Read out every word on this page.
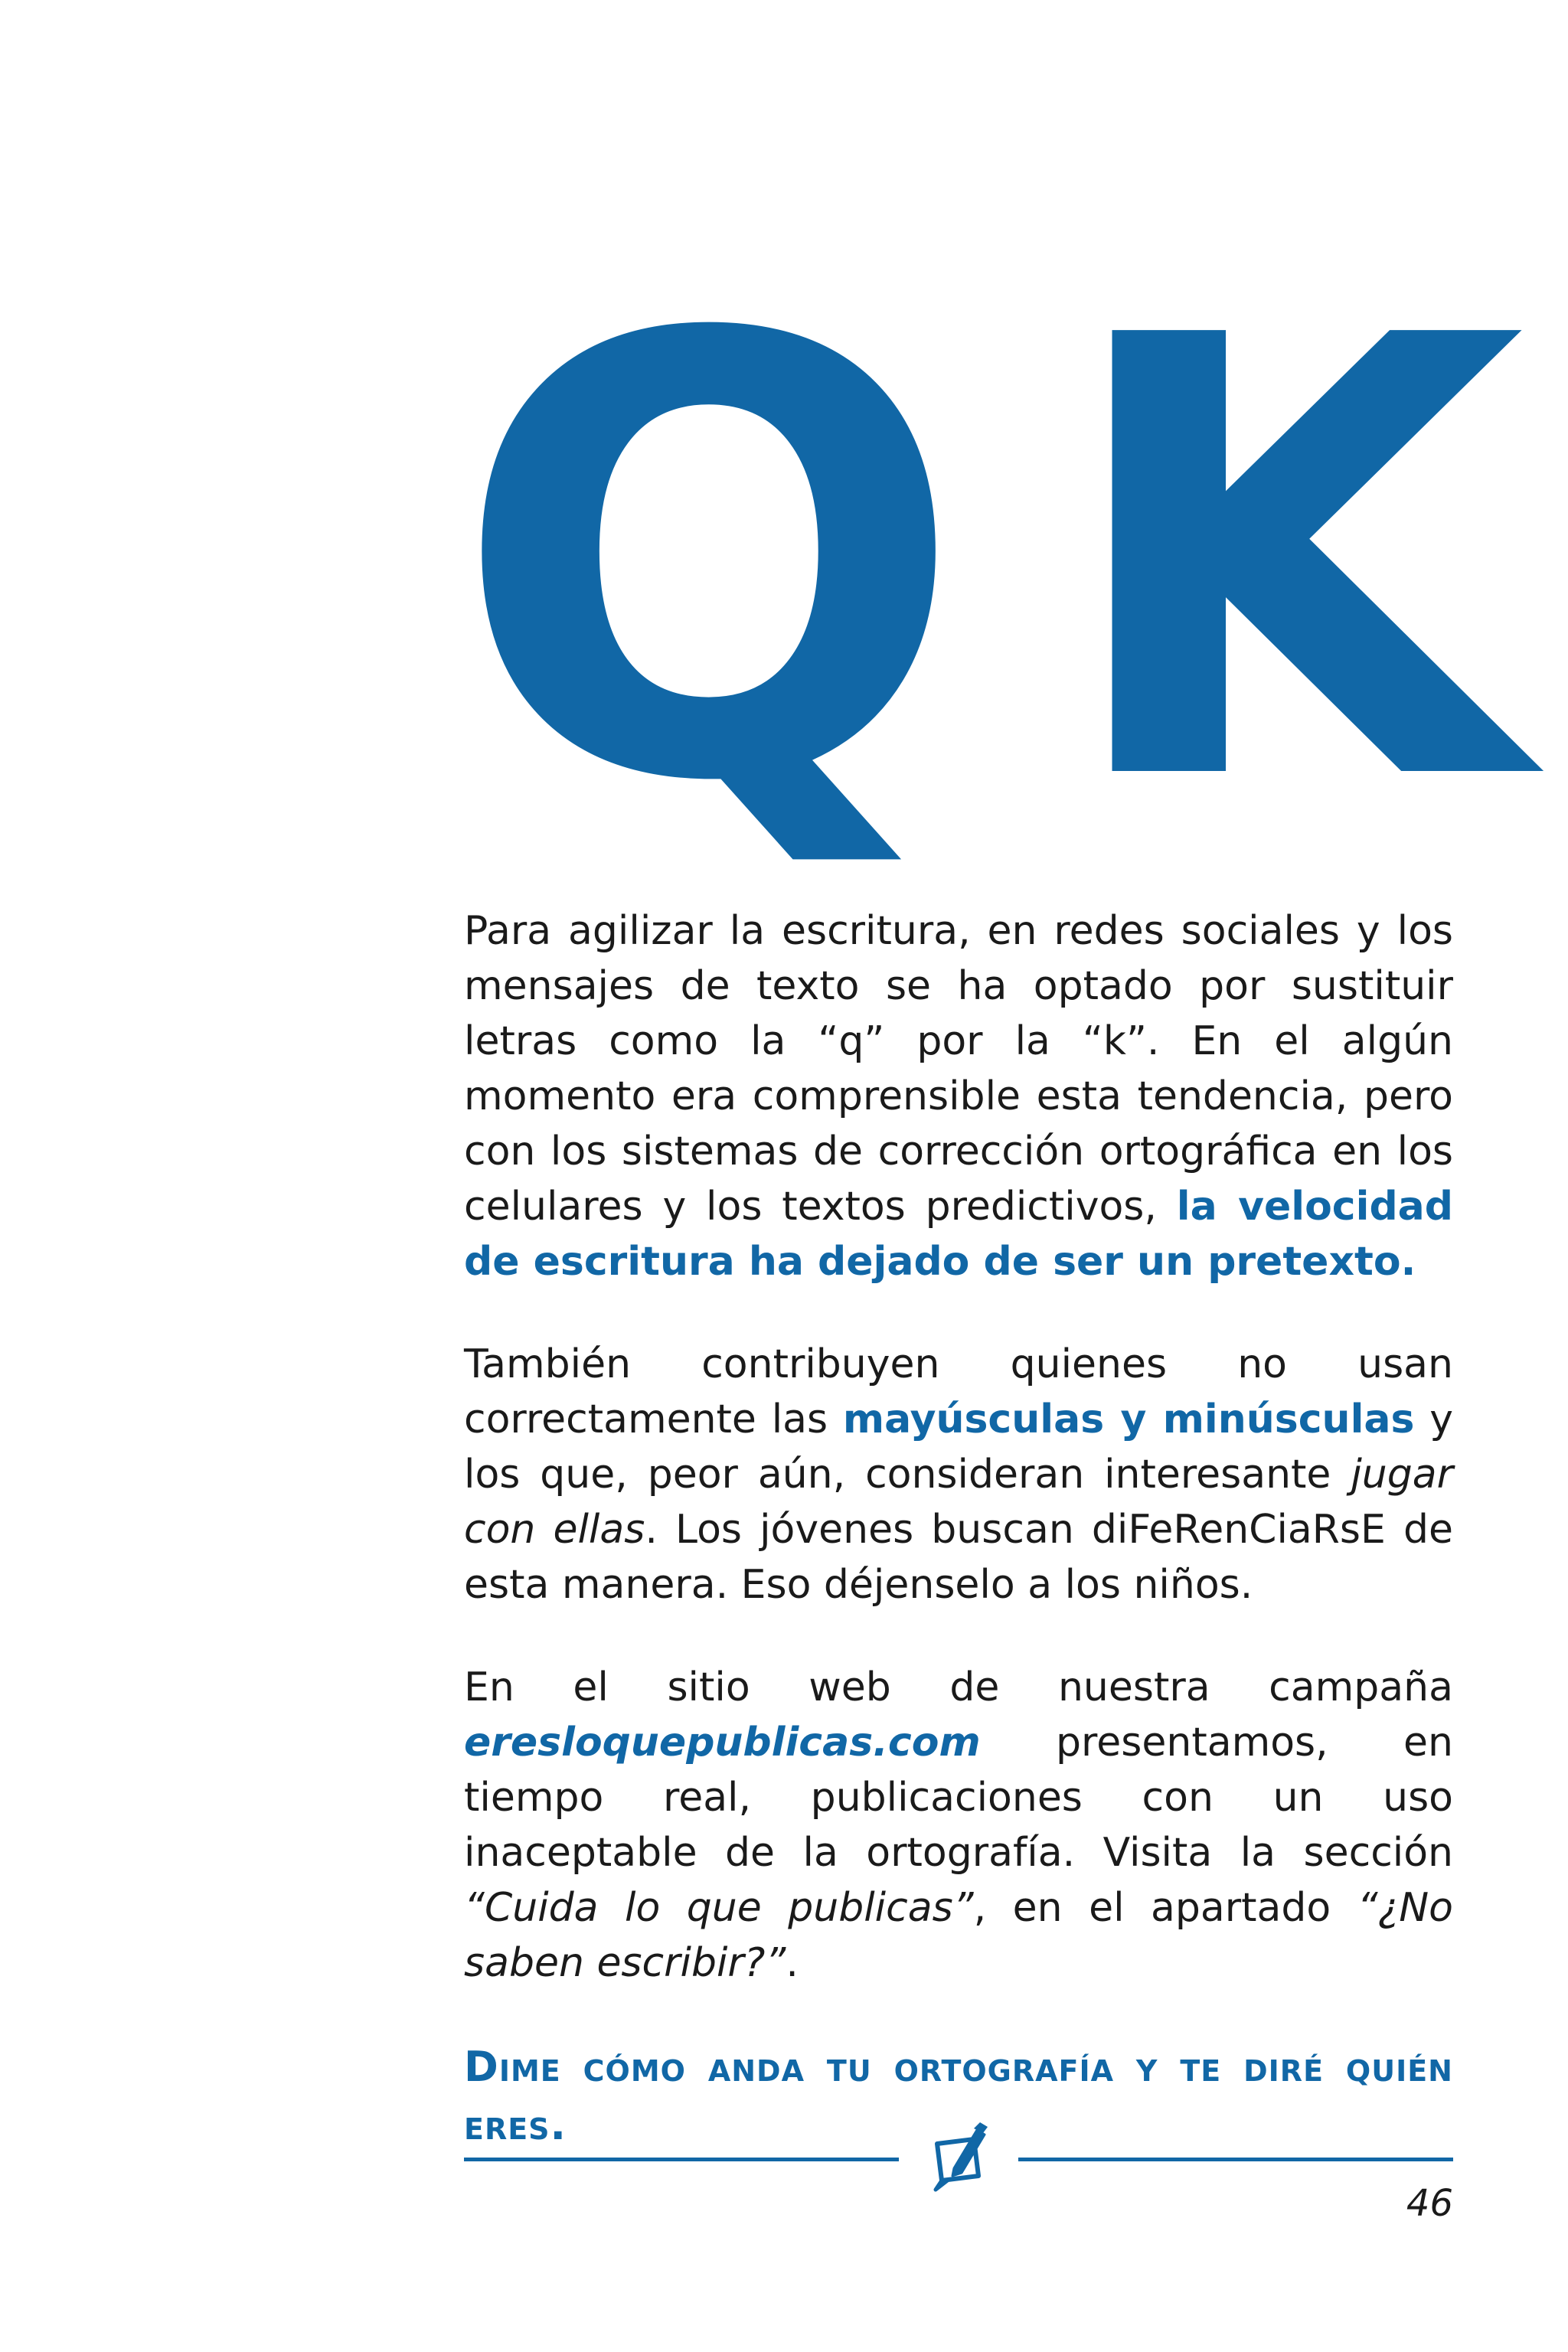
Q K

Para agilizar la escritura, en redes sociales y los mensajes de texto se ha optado por sustituir letras como la “q” por la “k”. En el algún momento era comprensible esta tendencia, pero con los sistemas de corrección ortográfica en los celulares y los textos predictivos, la velocidad de escritura ha dejado de ser un pretexto.

También contribuyen quienes no usan correctamente las mayúsculas y minúsculas y los que, peor aún, consideran interesante jugar con ellas. Los jóvenes buscan diFeRenCiaRsE de esta manera. Eso déjenselo a los niños.

En el sitio web de nuestra campaña eresloquepublicas.com presentamos, en tiempo real, publicaciones con un uso inaceptable de la ortografía. Visita la sección “Cuida lo que publicas”, en el apartado “¿No saben escribir?”.

Dime cómo anda tu ortografía y te diré quién eres.

46
